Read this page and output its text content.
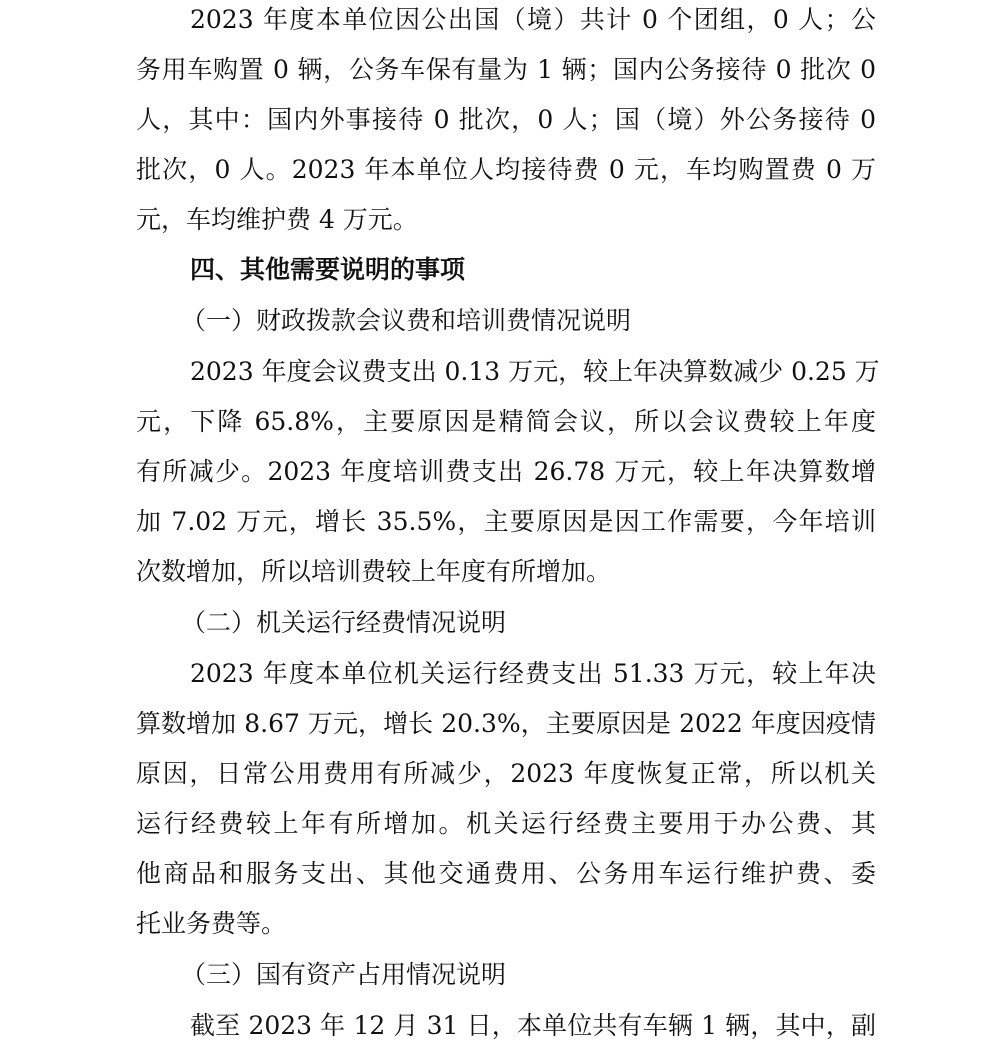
2023 年度本单位因公出国（境）共计 0 个团组，0 人；公
务用车购置 0 辆，公务车保有量为 1 辆；国内公务接待 0 批次 0
人，其中：国内外事接待 0 批次，0 人；国（境）外公务接待 0
批次，0 人。2023 年本单位人均接待费 0 元，车均购置费 0 万
元，车均维护费 4 万元。
四、其他需要说明的事项
（一）财政拨款会议费和培训费情况说明
2023 年度会议费支出 0.13 万元，较上年决算数减少 0.25 万
元，下降 65.8%，主要原因是精简会议，所以会议费较上年度
有所减少。2023 年度培训费支出 26.78 万元，较上年决算数增
加 7.02 万元，增长 35.5%，主要原因是因工作需要，今年培训
次数增加，所以培训费较上年度有所增加。
（二）机关运行经费情况说明
2023 年度本单位机关运行经费支出 51.33 万元，较上年决
算数增加 8.67 万元，增长 20.3%，主要原因是 2022 年度因疫情
原因，日常公用费用有所减少，2023 年度恢复正常，所以机关
运行经费较上年有所增加。机关运行经费主要用于办公费、其
他商品和服务支出、其他交通费用、公务用车运行维护费、委
托业务费等。
（三）国有资产占用情况说明
截至 2023 年 12 月 31 日，本单位共有车辆 1 辆，其中，副
